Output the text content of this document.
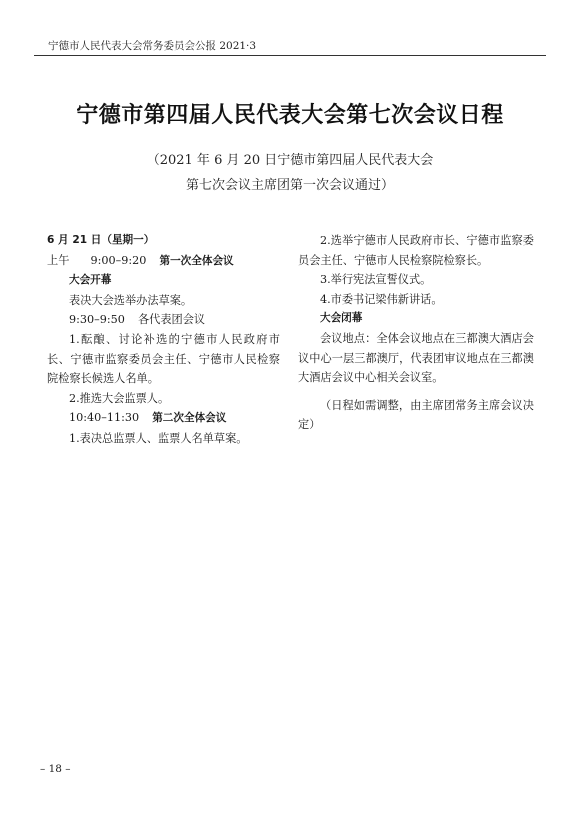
宁德市人民代表大会常务委员会公报 2021·3
宁德市第四届人民代表大会第七次会议日程
（2021 年 6 月 20 日宁德市第四届人民代表大会
第七次会议主席团第一次会议通过）
6 月 21 日（星期一）
上午 9:00–9:20 第一次全体会议
大会开幕
表决大会选举办法草案。
9:30–9:50 各代表团会议
1.酝酿、讨论补选的宁德市人民政府市长、宁德市监察委员会主任、宁德市人民检察院检察长候选人名单。
2.推选大会监票人。
10:40–11:30 第二次全体会议
1.表决总监票人、监票人名单草案。
2.选举宁德市人民政府市长、宁德市监察委员会主任、宁德市人民检察院检察长。
3.举行宪法宣誓仪式。
4.市委书记梁伟新讲话。
大会闭幕
会议地点：全体会议地点在三都澳大酒店会议中心一层三都澳厅，代表团审议地点在三都澳大酒店会议中心相关会议室。
（日程如需调整，由主席团常务主席会议决定）
– 18 –
